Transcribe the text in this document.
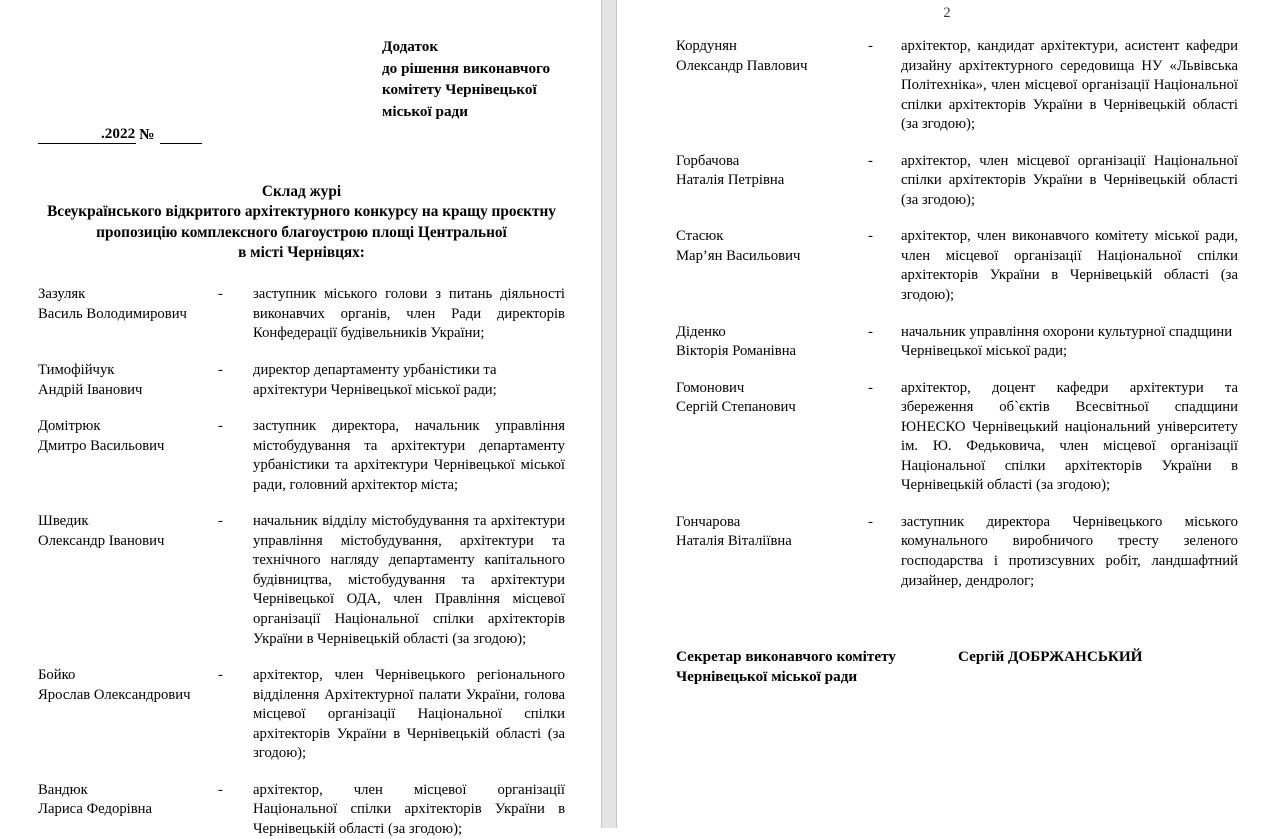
Додаток
до рішення виконавчого
комітету Чернівецької
міської ради
.2022 №
Склад журі
Всеукраїнського відкритого архітектурного конкурсу на кращу проєктну пропозицію комплексного благоустрою площі Центральної
в місті Чернівцях:
Зазуляк
Василь Володимирович
-	заступник міського голови з питань діяльності виконавчих органів, член Ради директорів Конфедерації будівельників України;
Тимофійчук
Андрій Іванович
-	директор департаменту урбаністики та архітектури Чернівецької міської ради;
Домітрюк
Дмитро Васильович
-	заступник директора, начальник управління містобудування та архітектури департаменту урбаністики та архітектури Чернівецької міської ради, головний архітектор міста;
Шведик
Олександр Іванович
-	начальник відділу містобудування та архітектури управління містобудування, архітектури та технічного нагляду департаменту капітального будівництва, містобудування та архітектури Чернівецької ОДА, член Правління місцевої організації Національної спілки архітекторів України в Чернівецькій області (за згодою);
Бойко
Ярослав Олександрович
-	архітектор, член Чернівецького регіонального відділення Архітектурної палати України, голова місцевої організації Національної спілки архітекторів України в Чернівецькій області (за згодою);
Вандюк
Лариса Федорівна
-	архітектор, член місцевої організації Національної спілки архітекторів України в Чернівецькій області (за згодою);
2
Кордунян
Олександр Павлович
-	архітектор, кандидат архітектури, асистент кафедри дизайну архітектурного середовища НУ «Львівська Політехніка», член місцевої організації Національної спілки архітекторів України в Чернівецькій області (за згодою);
Горбачова
Наталія Петрівна
-	архітектор, член місцевої організації Національної спілки архітекторів України в Чернівецькій області (за згодою);
Стасюк
Мар’ян Васильович
-	архітектор, член виконавчого комітету міської ради, член місцевої організації Національної спілки архітекторів України в Чернівецькій області (за згодою);
Діденко
Вікторія Романівна
-	начальник управління охорони культурної спадщини Чернівецької міської ради;
Гомонович
Сергій Степанович
-	архітектор, доцент кафедри архітектури та збереження об`єктів Всесвітньої спадщини ЮНЕСКО Чернівецький національний університету ім. Ю. Федьковича, член місцевої організації Національної спілки архітекторів України в Чернівецькій області (за згодою);
Гончарова
Наталія Віталіївна
-	заступник директора Чернівецького міського комунального виробничого тресту зеленого господарства і протизсувних робіт, ландшафтний дизайнер, дендролог;
Секретар виконавчого комітету
Чернівецької міської ради
Сергій ДОБРЖАНСЬКИЙ
